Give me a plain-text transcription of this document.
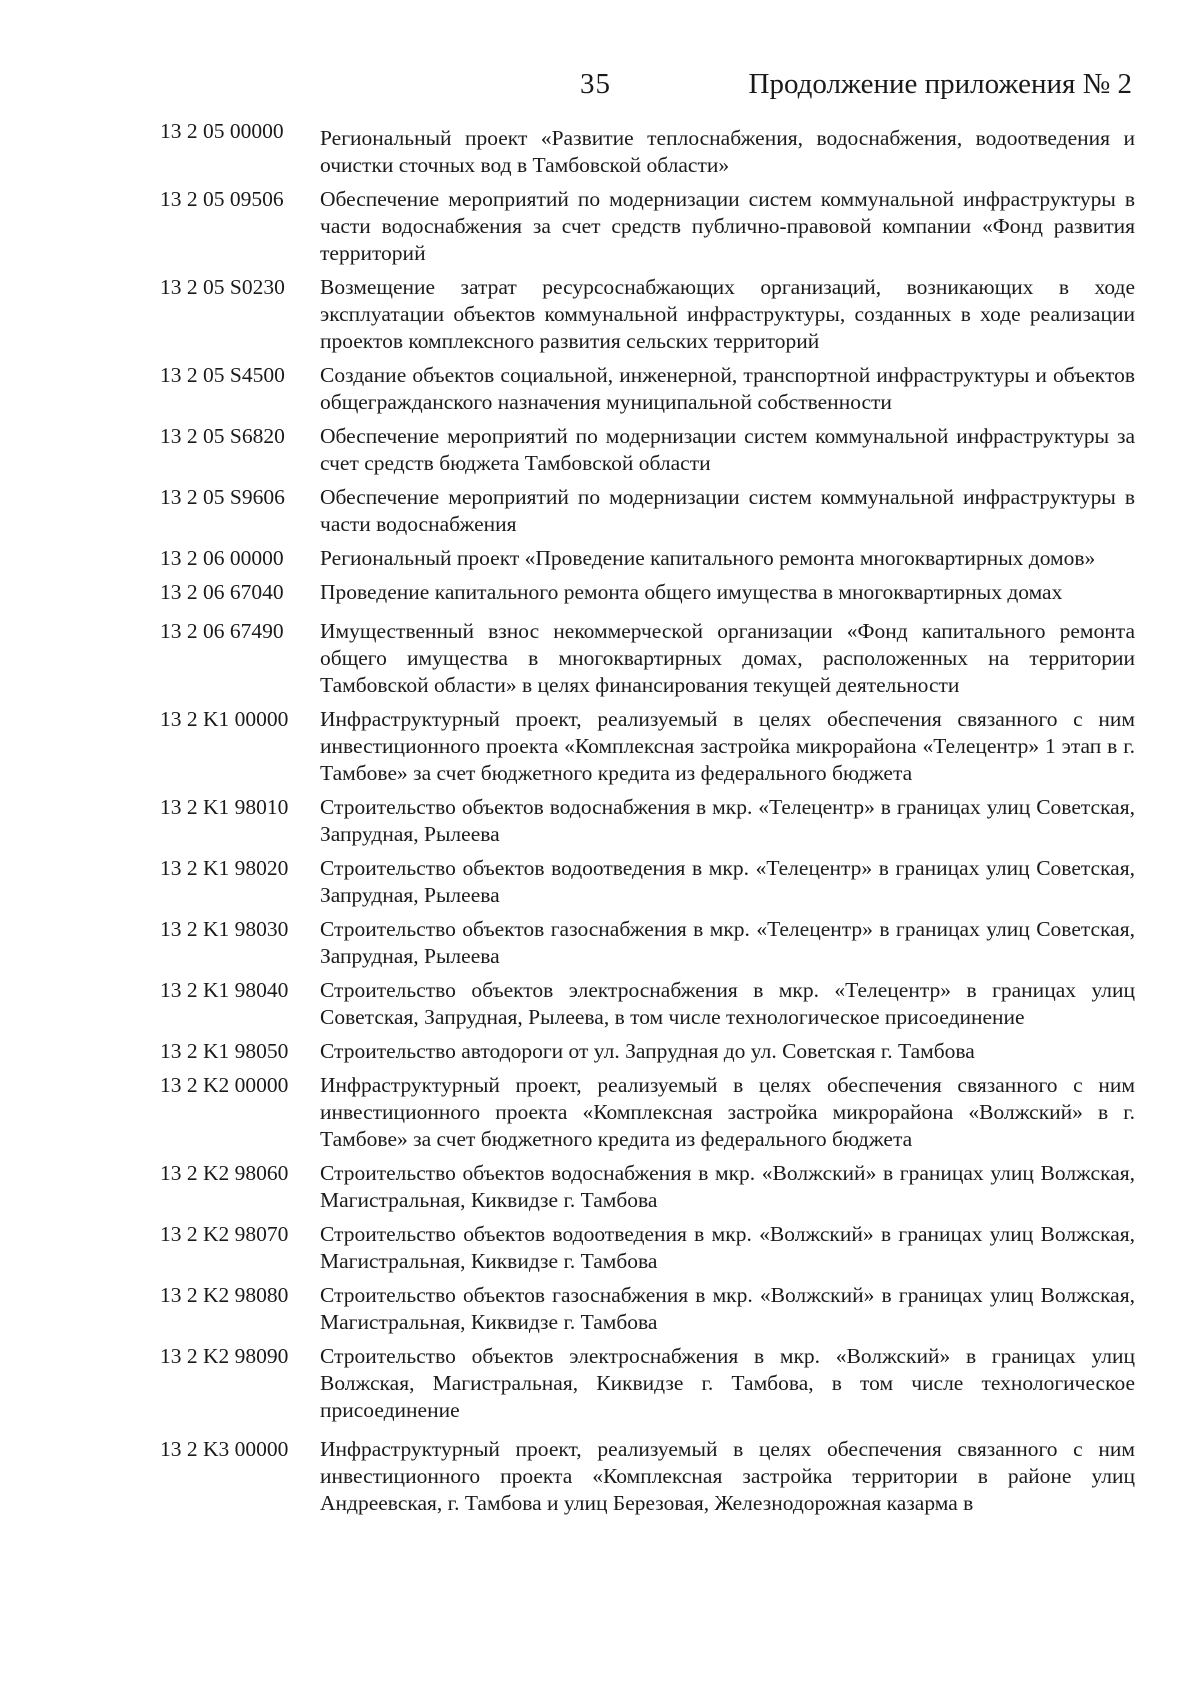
35	Продолжение приложения № 2
13 2 05 00000	Региональный проект «Развитие теплоснабжения, водоснабжения, водоотведения и очистки сточных вод в Тамбовской области»
13 2 05 09506	Обеспечение мероприятий по модернизации систем коммунальной инфраструктуры в части водоснабжения за счет средств публично-правовой компании «Фонд развития территорий
13 2 05 S0230	Возмещение затрат ресурсоснабжающих организаций, возникающих в ходе эксплуатации объектов коммунальной инфраструктуры, созданных в ходе реализации проектов комплексного развития сельских территорий
13 2 05 S4500	Создание объектов социальной, инженерной, транспортной инфраструктуры и объектов общегражданского назначения муниципальной собственности
13 2 05 S6820	Обеспечение мероприятий по модернизации систем коммунальной инфраструктуры за счет средств бюджета Тамбовской области
13 2 05 S9606	Обеспечение мероприятий по модернизации систем коммунальной инфраструктуры в части водоснабжения
13 2 06 00000	Региональный проект «Проведение капитального ремонта многоквартирных домов»
13 2 06 67040	Проведение капитального ремонта общего имущества в многоквартирных домах
13 2 06 67490	Имущественный взнос некоммерческой организации «Фонд капитального ремонта общего имущества в многоквартирных домах, расположенных на территории Тамбовской области» в целях финансирования текущей деятельности
13 2 K1 00000	Инфраструктурный проект, реализуемый в целях обеспечения связанного с ним инвестиционного проекта «Комплексная застройка микрорайона «Телецентр» 1 этап в г. Тамбове» за счет бюджетного кредита из федерального бюджета
13 2 K1 98010	Строительство объектов водоснабжения в мкр. «Телецентр» в границах улиц Советская, Запрудная, Рылеева
13 2 K1 98020	Строительство объектов водоотведения в мкр. «Телецентр» в границах улиц Советская, Запрудная, Рылеева
13 2 K1 98030	Строительство объектов газоснабжения в мкр. «Телецентр» в границах улиц Советская, Запрудная, Рылеева
13 2 K1 98040	Строительство объектов электроснабжения в мкр. «Телецентр» в границах улиц Советская, Запрудная, Рылеева, в том числе технологическое присоединение
13 2 K1 98050	Строительство автодороги от ул. Запрудная до ул. Советская г. Тамбова
13 2 K2 00000	Инфраструктурный проект, реализуемый в целях обеспечения связанного с ним инвестиционного проекта «Комплексная застройка микрорайона «Волжский» в г. Тамбове» за счет бюджетного кредита из федерального бюджета
13 2 K2 98060	Строительство объектов водоснабжения в мкр. «Волжский» в границах улиц Волжская, Магистральная, Киквидзе г. Тамбова
13 2 K2 98070	Строительство объектов водоотведения в мкр. «Волжский» в границах улиц Волжская, Магистральная, Киквидзе г. Тамбова
13 2 K2 98080	Строительство объектов газоснабжения в мкр. «Волжский» в границах улиц Волжская, Магистральная, Киквидзе г. Тамбова
13 2 K2 98090	Строительство объектов электроснабжения в мкр. «Волжский» в границах улиц Волжская, Магистральная, Киквидзе г. Тамбова, в том числе технологическое присоединение
13 2 K3 00000	Инфраструктурный проект, реализуемый в целях обеспечения связанного с ним инвестиционного проекта «Комплексная застройка территории в районе улиц Андреевская, г. Тамбова и улиц Березовая, Железнодорожная казарма в
